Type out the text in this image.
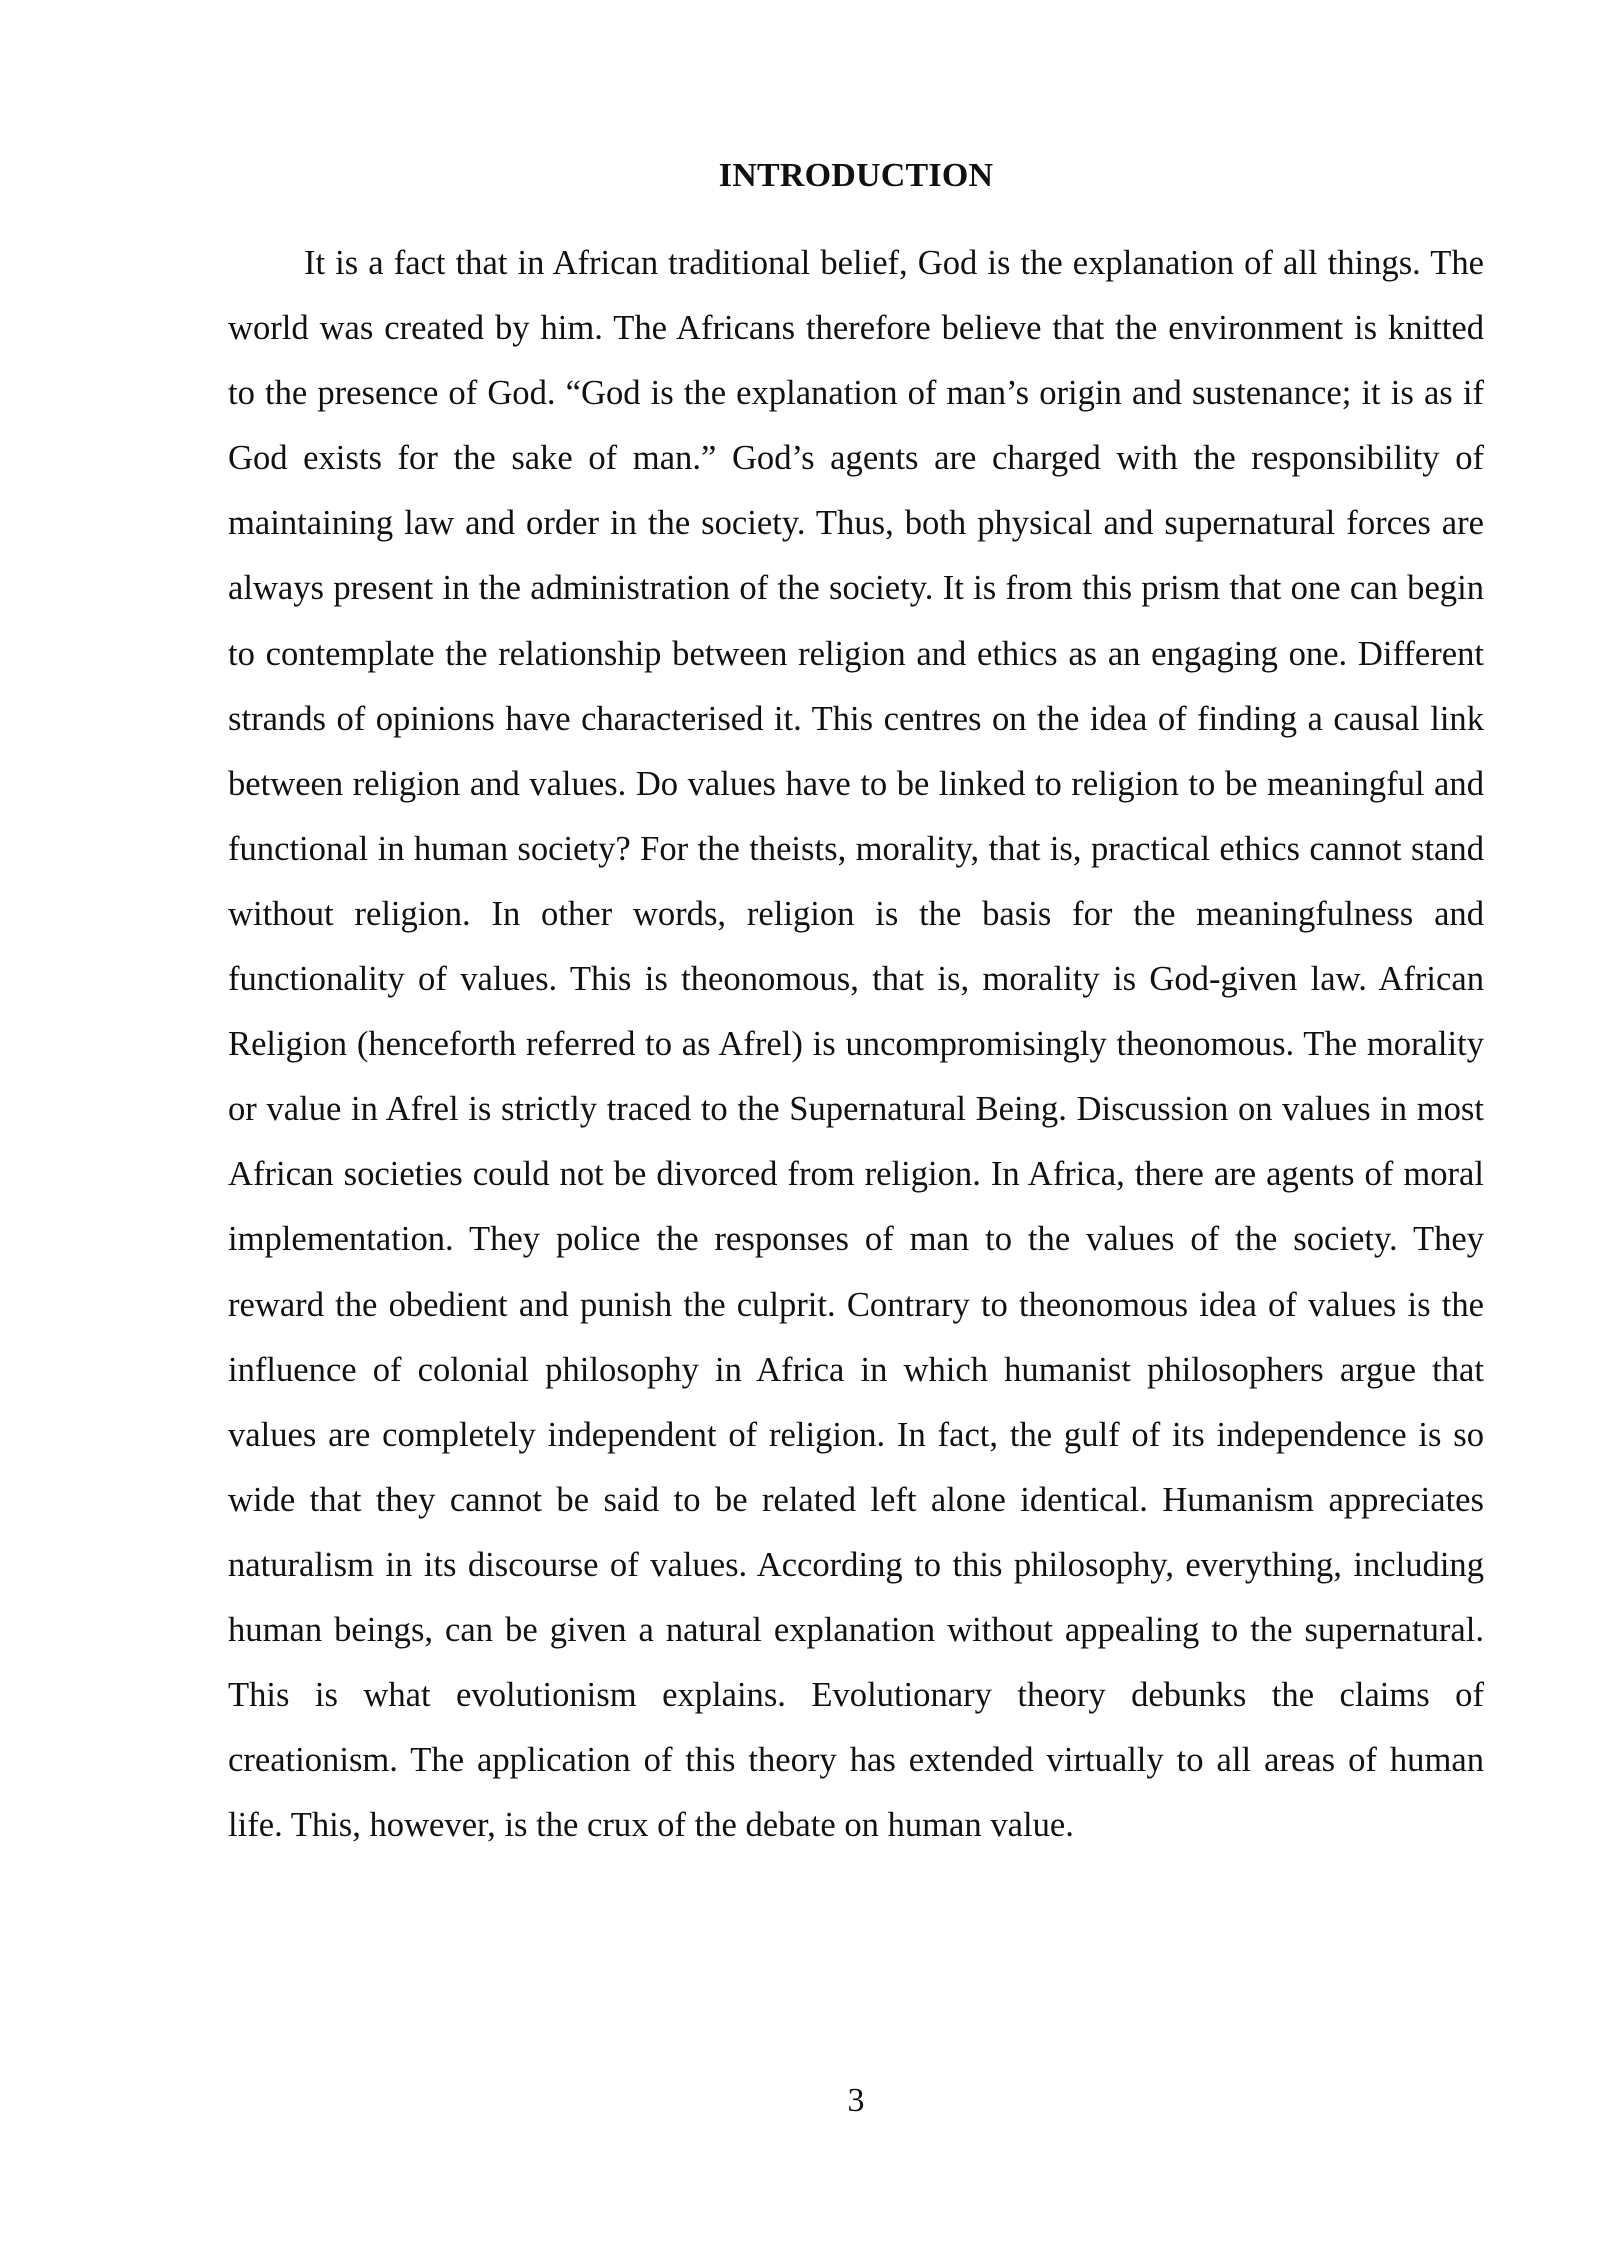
INTRODUCTION

It is a fact that in African traditional belief, God is the explanation of all things. The world was created by him. The Africans therefore believe that the environment is knitted to the presence of God. “God is the explanation of man’s origin and sustenance; it is as if God exists for the sake of man.” God’s agents are charged with the responsibility of maintaining law and order in the society. Thus, both physical and supernatural forces are always present in the administration of the society. It is from this prism that one can begin to contemplate the relationship between religion and ethics as an engaging one. Different strands of opinions have characterised it. This centres on the idea of finding a causal link between religion and values. Do values have to be linked to religion to be meaningful and functional in human society? For the theists, morality, that is, practical ethics cannot stand without religion. In other words, religion is the basis for the meaningfulness and functionality of values. This is theonomous, that is, morality is God-given law. African Religion (henceforth referred to as Afrel) is uncompromisingly theonomous. The morality or value in Afrel is strictly traced to the Supernatural Being. Discussion on values in most African societies could not be divorced from religion. In Africa, there are agents of moral implementation. They police the responses of man to the values of the society. They reward the obedient and punish the culprit. Contrary to theonomous idea of values is the influence of colonial philosophy in Africa in which humanist philosophers argue that values are completely independent of religion. In fact, the gulf of its independence is so wide that they cannot be said to be related left alone identical. Humanism appreciates naturalism in its discourse of values. According to this philosophy, everything, including human beings, can be given a natural explanation without appealing to the supernatural. This is what evolutionism explains. Evolutionary theory debunks the claims of creationism. The application of this theory has extended virtually to all areas of human life. This, however, is the crux of the debate on human value.

3
